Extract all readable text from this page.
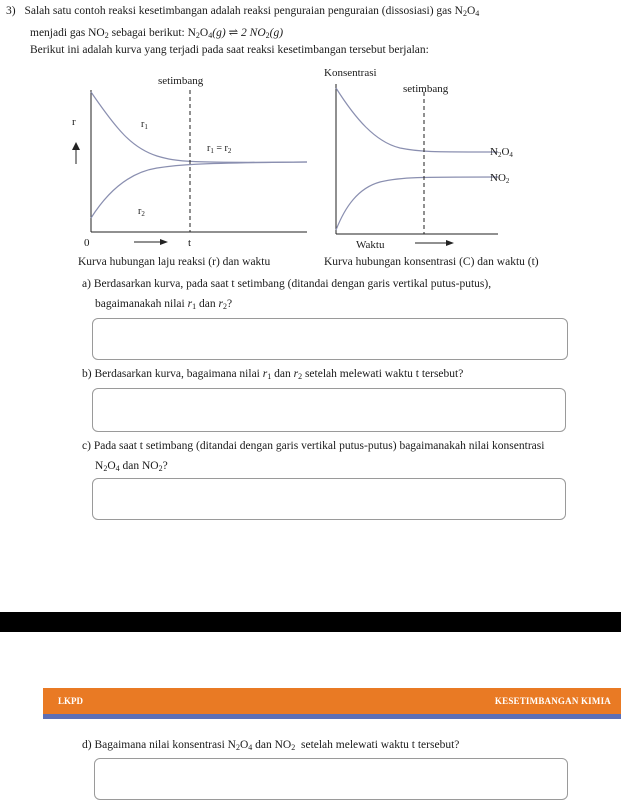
3) Salah satu contoh reaksi kesetimbangan adalah reaksi penguraian penguraian (dissosiasi) gas $N_2O_4$
menjadi gas $NO_2$ sebagai berikut: $N_2O_4(g)$ ⇌ 2 $NO_2(g)$
Berikut ini adalah kurva yang terjadi pada saat reaksi kesetimbangan tersebut berjalan:
setimbang
r	$r_1$
$r_1 = r_2$
$r_2$
0	t
Kurva hubungan laju reaksi (r) dan waktu
Konsentrasi
setimbang
N2O4
NO2
Waktu
Kurva hubungan konsentrasi (C) dan waktu (t)
a) Berdasarkan kurva, pada saat t setimbang (ditandai dengan garis vertikal putus-putus),
bagaimanakah nilai $r_1$ dan $r_2$?
b) Berdasarkan kurva, bagaimana nilai $r_1$ dan $r_2$ setelah melewati waktu t tersebut?
c) Pada saat t setimbang (ditandai dengan garis vertikal putus-putus) bagaimanakah nilai konsentrasi
$N_2O_4$ dan $NO_2$?
LKPD	KESETIMBANGAN KIMIA
d) Bagaimana nilai konsentrasi $N_2O_4$ dan $NO_2$  setelah melewati waktu t tersebut?
